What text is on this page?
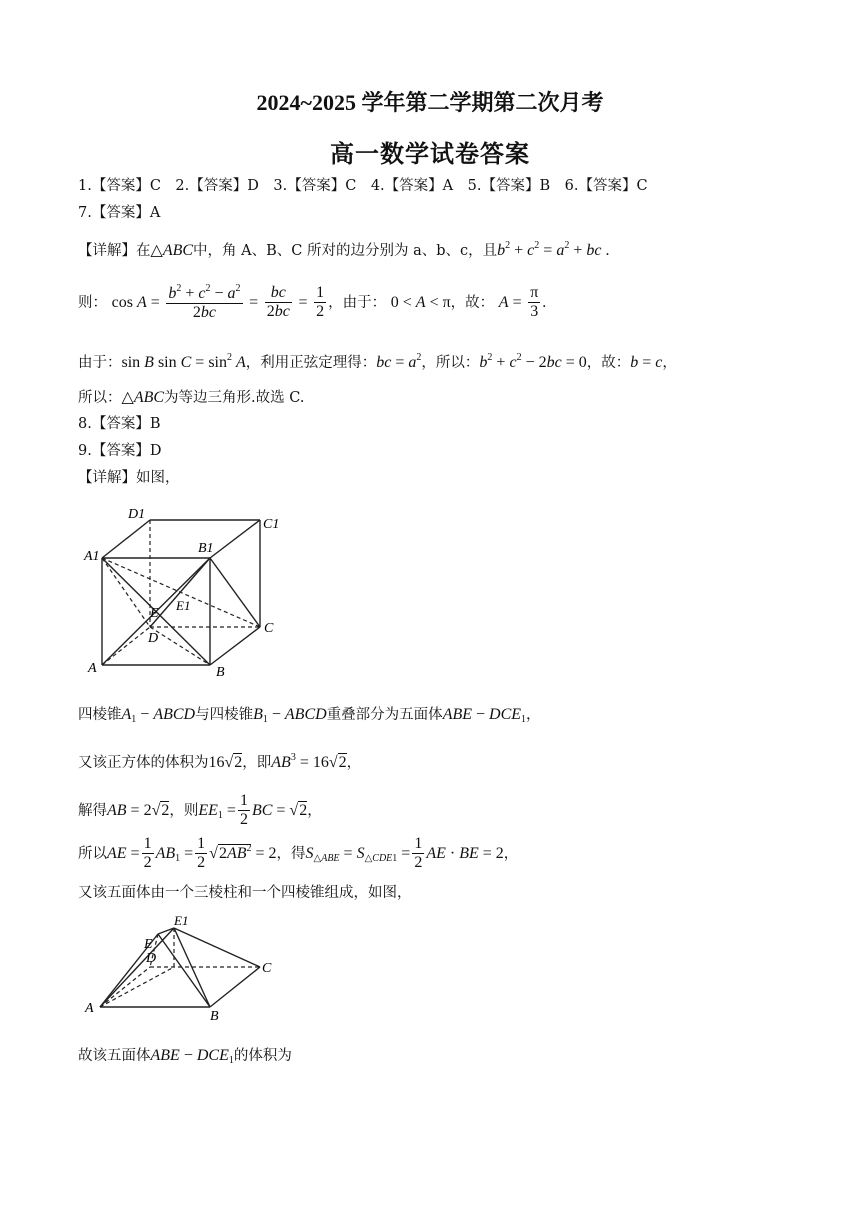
2024~2025 学年第二学期第二次月考
高一数学试卷答案
1.【答案】C　2.【答案】D　3.【答案】C　4.【答案】A　5.【答案】B　6.【答案】C
7.【答案】A
【详解】在△ABC中，角 A、B、C 所对的边分别为 a、b、c，且$b^2 + c^2 = a^2$ + bc .
则： $\cos A = \frac{b^2 + c^2 - a^2}{2bc} = \frac{bc}{2bc} = \frac{1}{2}$ ，由于： 0 < A < π，故： $A = \frac{\pi}{3}$ .
由于：sin B $\sin C = \sin^2 A$，利用正弦定理得：bc = $a^2$，所以：$b^2 + c^2 - 2bc = 0$，故：b = c，
所以：△ABC为等边三角形.故选 C.
8.【答案】B
9.【答案】D
【详解】如图，
D1
C1
A1
B1
E
E1
D
C
A	B
四棱锥$A_1$ − ABCD与四棱锥$B_1$ − ABCD重叠部分为五面体ABE − $DCE_1$，
又该正方体的体积为16√2，即$AB^3 = 16√2$，
解得AB = 2√2，则$EE_1 = \frac{1}{2}$ BC = √2，
所以AE = $\frac{1}{2} AB_1 = \frac{1}{2} √2AB^2 = 2$，得$S_{\triangle ABE} = S_{\triangle CDE1} = \frac{1}{2}$ AE · BE = 2，
又该五面体由一个三棱柱和一个四棱锥组成，如图，
E1
E
D
C
A
B
故该五面体ABE − $DCE_1$的体积为
